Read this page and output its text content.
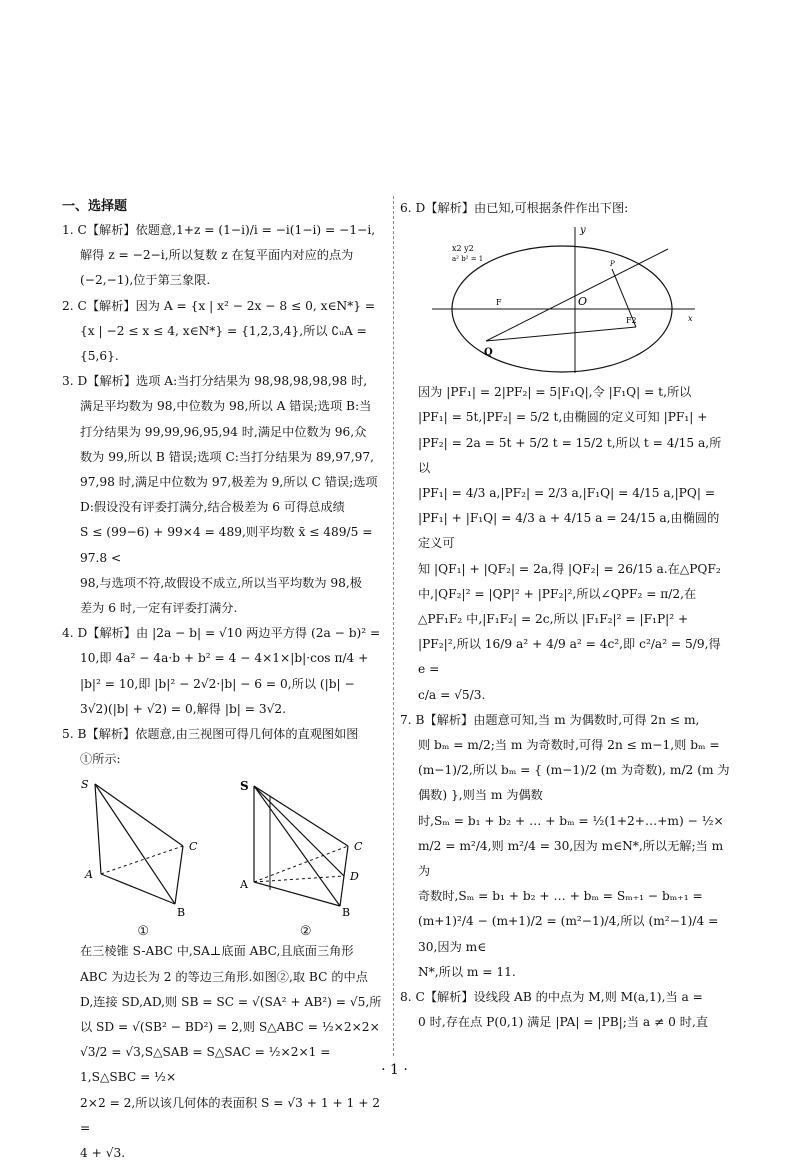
一、选择题
1. C【解析】依题意,1+z = (1−i)/i = −i(1−i) = −1−i,
解得 z = −2−i,所以复数 z 在复平面内对应的点为
(−2,−1),位于第三象限.
2. C【解析】因为 A = {x | x² − 2x − 8 ≤ 0, x∈N*} =
{x | −2 ≤ x ≤ 4, x∈N*} = {1,2,3,4},所以 ∁ᵤA = {5,6}.
3. D【解析】选项 A:当打分结果为 98,98,98,98,98 时,
满足平均数为 98,中位数为 98,所以 A 错误;选项 B:当
打分结果为 99,99,96,95,94 时,满足中位数为 96,众
数为 99,所以 B 错误;选项 C:当打分结果为 89,97,97,
97,98 时,满足中位数为 97,极差为 9,所以 C 错误;选项
D:假设没有评委打满分,结合极差为 6 可得总成绩
S ≤ (99−6) + 99×4 = 489,则平均数 x̄ ≤ 489/5 = 97.8 <
98,与选项不符,故假设不成立,所以当平均数为 98,极
差为 6 时,一定有评委打满分.
4. D【解析】由 |2a − b| = √10 两边平方得 (2a − b)² =
10,即 4a² − 4a·b + b² = 4 − 4×1×|b|·cos π/4 +
|b|² = 10,即 |b|² − 2√2·|b| − 6 = 0,所以 (|b| −
3√2)(|b| + √2) = 0,解得 |b| = 3√2.
5. B【解析】依题意,由三视图可得几何体的直观图如图
①所示:
S
A
C
B
S
A
C
D
B
①	②
在三棱锥 S-ABC 中,SA⊥底面 ABC,且底面三角形
ABC 为边长为 2 的等边三角形.如图②,取 BC 的中点
D,连接 SD,AD,则 SB = SC = √(SA² + AB²) = √5,所
以 SD = √(SB² − BD²) = 2,则 S△ABC = ½×2×2×
√3/2 = √3,S△SAB = S△SAC = ½×2×1 = 1,S△SBC = ½×
2×2 = 2,所以该几何体的表面积 S = √3 + 1 + 1 + 2 =
4 + √3.
6. D【解析】由已知,可根据条件作出下图:
x2 y2
a² b² = 1
y
x
O
P
F
F2
Q
因为 |PF₁| = 2|PF₂| = 5|F₁Q|,令 |F₁Q| = t,所以
|PF₁| = 5t,|PF₂| = 5/2 t,由椭圆的定义可知 |PF₁| +
|PF₂| = 2a = 5t + 5/2 t = 15/2 t,所以 t = 4/15 a,所以
|PF₁| = 4/3 a,|PF₂| = 2/3 a,|F₁Q| = 4/15 a,|PQ| =
|PF₁| + |F₁Q| = 4/3 a + 4/15 a = 24/15 a,由椭圆的定义可
知 |QF₁| + |QF₂| = 2a,得 |QF₂| = 26/15 a.在△PQF₂
中,|QF₂|² = |QP|² + |PF₂|²,所以∠QPF₂ = π/2,在
△PF₁F₂ 中,|F₁F₂| = 2c,所以 |F₁F₂|² = |F₁P|² +
|PF₂|²,所以 16/9 a² + 4/9 a² = 4c²,即 c²/a² = 5/9,得 e =
c/a = √5/3.
7. B【解析】由题意可知,当 m 为偶数时,可得 2n ≤ m,
则 bₘ = m/2;当 m 为奇数时,可得 2n ≤ m−1,则 bₘ =
(m−1)/2,所以 bₘ = { (m−1)/2 (m 为奇数), m/2 (m 为偶数) },则当 m 为偶数
时,Sₘ = b₁ + b₂ + … + bₘ = ½(1+2+…+m) − ½×
m/2 = m²/4,则 m²/4 = 30,因为 m∈N*,所以无解;当 m 为
奇数时,Sₘ = b₁ + b₂ + … + bₘ = Sₘ₊₁ − bₘ₊₁ =
(m+1)²/4 − (m+1)/2 = (m²−1)/4,所以 (m²−1)/4 = 30,因为 m∈
N*,所以 m = 11.
8. C【解析】设线段 AB 的中点为 M,则 M(a,1),当 a =
0 时,存在点 P(0,1) 满足 |PA| = |PB|;当 a ≠ 0 时,直
· 1 ·
